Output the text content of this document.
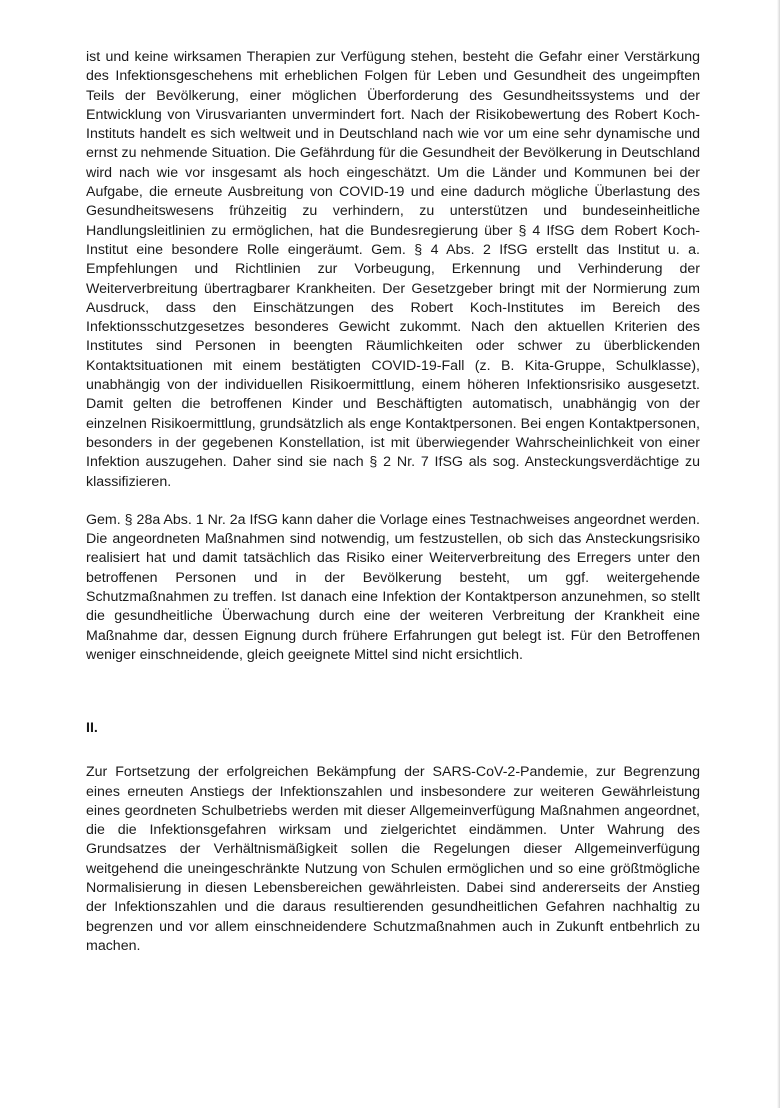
ist und keine wirksamen Therapien zur Verfügung stehen, besteht die Gefahr einer Verstärkung des Infektionsgeschehens mit erheblichen Folgen für Leben und Gesundheit des ungeimpften Teils der Bevölkerung, einer möglichen Überforderung des Gesundheitssystems und der Entwicklung von Virusvarianten unvermindert fort. Nach der Risikobewertung des Robert Koch-Instituts handelt es sich weltweit und in Deutschland nach wie vor um eine sehr dynamische und ernst zu nehmende Situation. Die Gefährdung für die Gesundheit der Bevölkerung in Deutschland wird nach wie vor insgesamt als hoch eingeschätzt. Um die Länder und Kommunen bei der Aufgabe, die erneute Ausbreitung von COVID-19 und eine dadurch mögliche Überlastung des Gesundheitswesens frühzeitig zu verhindern, zu unterstützen und bundeseinheitliche Handlungsleitlinien zu ermöglichen, hat die Bundesregierung über § 4 IfSG dem Robert Koch-Institut eine besondere Rolle eingeräumt. Gem. § 4 Abs. 2 IfSG erstellt das Institut u. a. Empfehlungen und Richtlinien zur Vorbeugung, Erkennung und Verhinderung der Weiterverbreitung übertragbarer Krankheiten. Der Gesetzgeber bringt mit der Normierung zum Ausdruck, dass den Einschätzungen des Robert Koch-Institutes im Bereich des Infektionsschutzgesetzes besonderes Gewicht zukommt. Nach den aktuellen Kriterien des Institutes sind Personen in beengten Räumlichkeiten oder schwer zu überblickenden Kontaktsituationen mit einem bestätigten COVID-19-Fall (z. B. Kita-Gruppe, Schulklasse), unabhängig von der individuellen Risikoermittlung, einem höheren Infektionsrisiko ausgesetzt. Damit gelten die betroffenen Kinder und Beschäftigten automatisch, unabhängig von der einzelnen Risikoermittlung, grundsätzlich als enge Kontaktpersonen. Bei engen Kontaktpersonen, besonders in der gegebenen Konstellation, ist mit überwiegender Wahrscheinlichkeit von einer Infektion auszugehen. Daher sind sie nach § 2 Nr. 7 IfSG als sog. Ansteckungsverdächtige zu klassifizieren.

Gem. § 28a Abs. 1 Nr. 2a IfSG kann daher die Vorlage eines Testnachweises angeordnet werden. Die angeordneten Maßnahmen sind notwendig, um festzustellen, ob sich das Ansteckungsrisiko realisiert hat und damit tatsächlich das Risiko einer Weiterverbreitung des Erregers unter den betroffenen Personen und in der Bevölkerung besteht, um ggf. weitergehende Schutzmaßnahmen zu treffen. Ist danach eine Infektion der Kontaktperson anzunehmen, so stellt die gesundheitliche Überwachung durch eine der weiteren Verbreitung der Krankheit eine Maßnahme dar, dessen Eignung durch frühere Erfahrungen gut belegt ist. Für den Betroffenen weniger einschneidende, gleich geeignete Mittel sind nicht ersichtlich.

II.

Zur Fortsetzung der erfolgreichen Bekämpfung der SARS-CoV-2-Pandemie, zur Begrenzung eines erneuten Anstiegs der Infektionszahlen und insbesondere zur weiteren Gewährleistung eines geordneten Schulbetriebs werden mit dieser Allgemeinverfügung Maßnahmen angeordnet, die die Infektionsgefahren wirksam und zielgerichtet eindämmen. Unter Wahrung des Grundsatzes der Verhältnismäßigkeit sollen die Regelungen dieser Allgemeinverfügung weitgehend die uneingeschränkte Nutzung von Schulen ermöglichen und so eine größtmögliche Normalisierung in diesen Lebensbereichen gewährleisten. Dabei sind andererseits der Anstieg der Infektionszahlen und die daraus resultierenden gesundheitlichen Gefahren nachhaltig zu begrenzen und vor allem einschneidendere Schutzmaßnahmen auch in Zukunft entbehrlich zu machen.
